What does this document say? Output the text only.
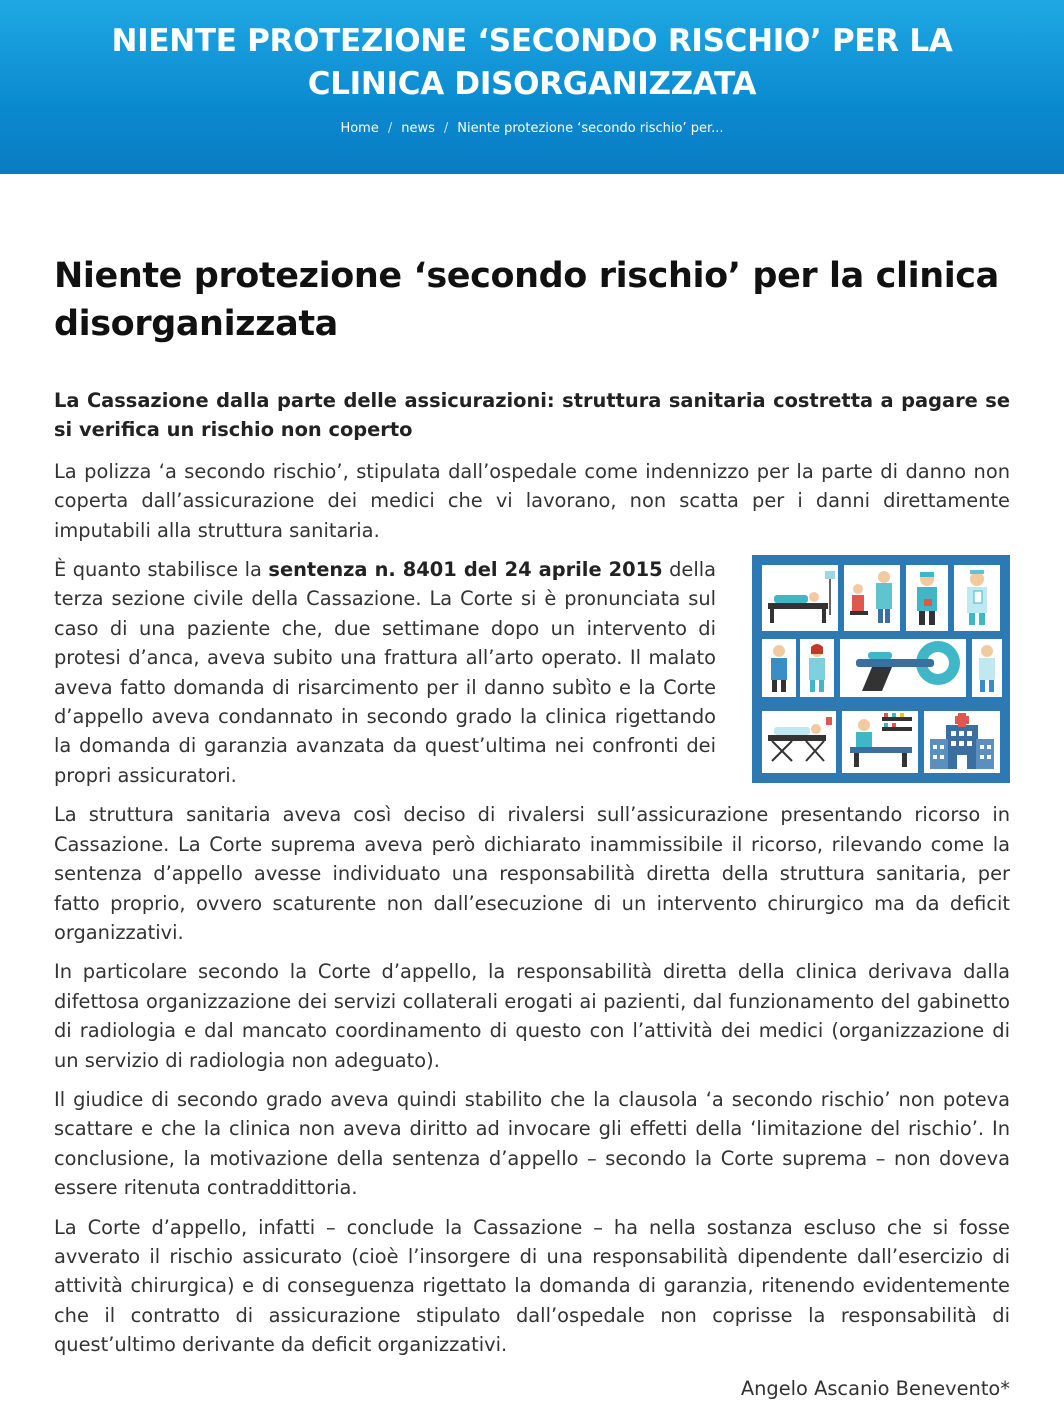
NIENTE PROTEZIONE ‘SECONDO RISCHIO’ PER LA CLINICA DISORGANIZZATA
Home / news / Niente protezione ‘secondo rischio’ per...
Niente protezione ‘secondo rischio’ per la clinica disorganizzata

La Cassazione dalla parte delle assicurazioni: struttura sanitaria costretta a pagare se si verifica un rischio non coperto

La polizza ‘a secondo rischio’, stipulata dall’ospedale come indennizzo per la parte di danno non coperta dall’assicurazione dei medici che vi lavorano, non scatta per i danni direttamente imputabili alla struttura sanitaria.

È quanto stabilisce la sentenza n. 8401 del 24 aprile 2015 della terza sezione civile della Cassazione. La Corte si è pronunciata sul caso di una paziente che, due settimane dopo un intervento di protesi d’anca, aveva subito una frattura all’arto operato. Il malato aveva fatto domanda di risarcimento per il danno subìto e la Corte d’appello aveva condannato in secondo grado la clinica rigettando la domanda di garanzia avanzata da quest’ultima nei confronti dei propri assicuratori.

La struttura sanitaria aveva così deciso di rivalersi sull’assicurazione presentando ricorso in Cassazione. La Corte suprema aveva però dichiarato inammissibile il ricorso, rilevando come la sentenza d’appello avesse individuato una responsabilità diretta della struttura sanitaria, per fatto proprio, ovvero scaturente non dall’esecuzione di un intervento chirurgico ma da deficit organizzativi.

In particolare secondo la Corte d’appello, la responsabilità diretta della clinica derivava dalla difettosa organizzazione dei servizi collaterali erogati ai pazienti, dal funzionamento del gabinetto di radiologia e dal mancato coordinamento di questo con l’attività dei medici (organizzazione di un servizio di radiologia non adeguato).

Il giudice di secondo grado aveva quindi stabilito che la clausola ‘a secondo rischio’ non poteva scattare e che la clinica non aveva diritto ad invocare gli effetti della ‘limitazione del rischio’. In conclusione, la motivazione della sentenza d’appello – secondo la Corte suprema – non doveva essere ritenuta contraddittoria.

La Corte d’appello, infatti – conclude la Cassazione – ha nella sostanza escluso che si fosse avverato il rischio assicurato (cioè l’insorgere di una responsabilità dipendente dall’esercizio di attività chirurgica) e di conseguenza rigettato la domanda di garanzia, ritenendo evidentemente che il contratto di assicurazione stipulato dall’ospedale non coprisse la responsabilità di quest’ultimo derivante da deficit organizzativi.

Angelo Ascanio Benevento*
